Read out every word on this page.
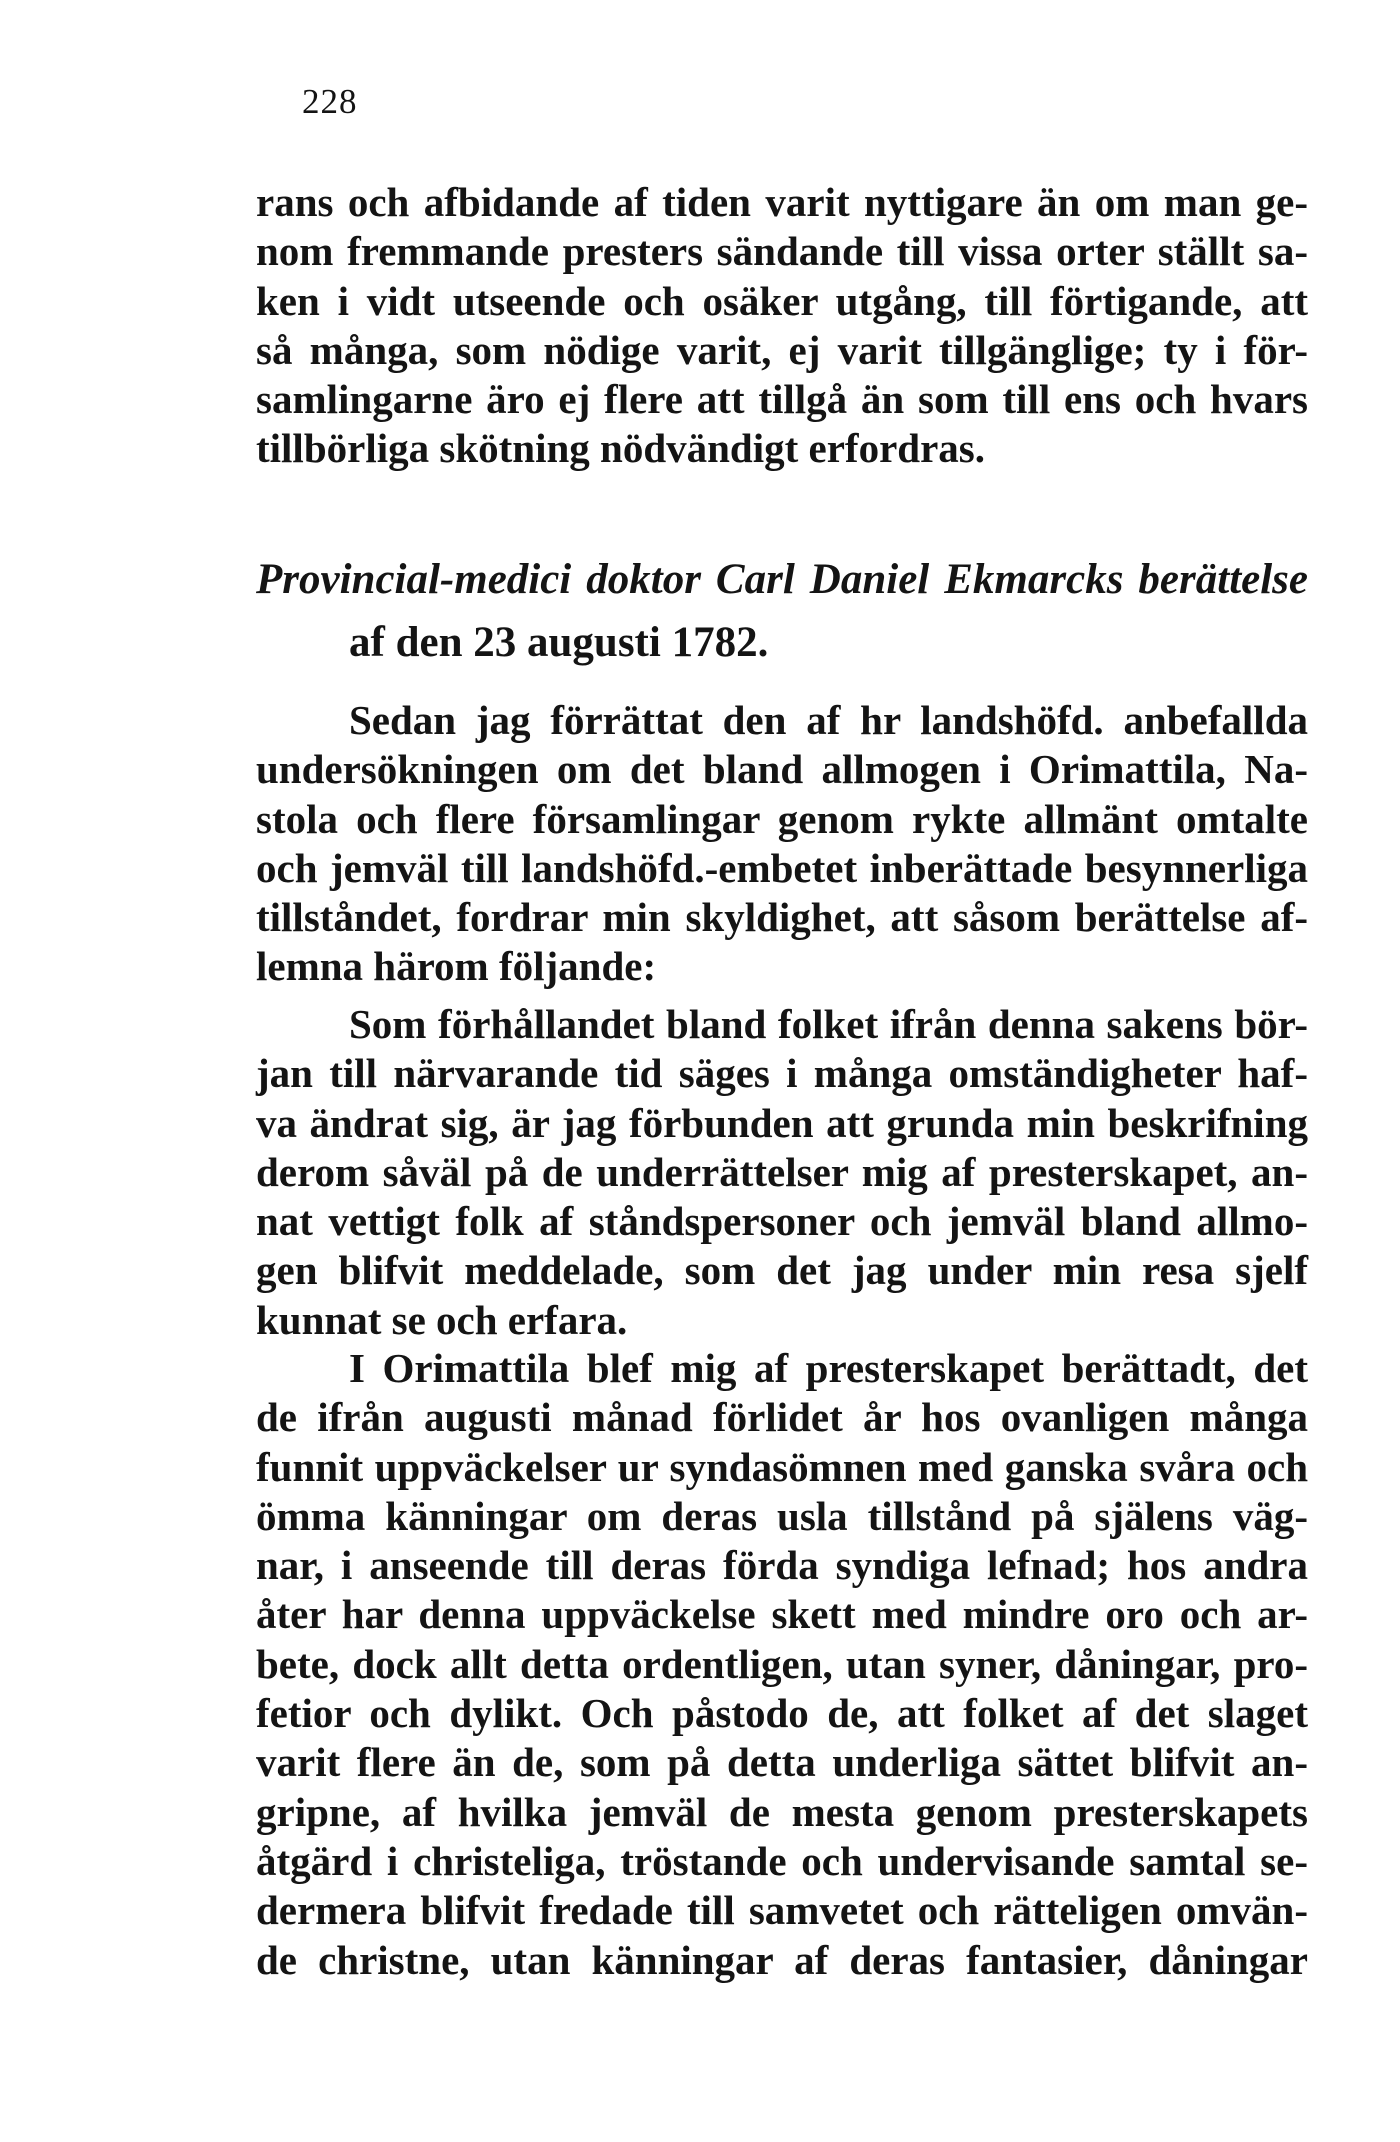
228
rans och afbidande af tiden varit nyttigare än om man ge-
nom fremmande presters sändande till vissa orter ställt sa-
ken i vidt utseende och osäker utgång, till förtigande, att
så många, som nödige varit, ej varit tillgänglige; ty i för-
samlingarne äro ej flere att tillgå än som till ens och hvars
tillbörliga skötning nödvändigt erfordras.
Provincial-medici doktor Carl Daniel Ekmarcks berättelse
af den 23 augusti 1782.
Sedan jag förrättat den af hr landshöfd. anbefallda
undersökningen om det bland allmogen i Orimattila, Na-
stola och flere församlingar genom rykte allmänt omtalte
och jemväl till landshöfd.-embetet inberättade besynnerliga
tillståndet, fordrar min skyldighet, att såsom berättelse af-
lemna härom följande:
Som förhållandet bland folket ifrån denna sakens bör-
jan till närvarande tid säges i många omständigheter haf-
va ändrat sig, är jag förbunden att grunda min beskrifning
derom såväl på de underrättelser mig af presterskapet, an-
nat vettigt folk af ståndspersoner och jemväl bland allmo-
gen blifvit meddelade, som det jag under min resa sjelf
kunnat se och erfara.
I Orimattila blef mig af presterskapet berättadt, det
de ifrån augusti månad förlidet år hos ovanligen många
funnit uppväckelser ur syndasömnen med ganska svåra och
ömma känningar om deras usla tillstånd på själens väg-
nar, i anseende till deras förda syndiga lefnad; hos andra
åter har denna uppväckelse skett med mindre oro och ar-
bete, dock allt detta ordentligen, utan syner, dåningar, pro-
fetior och dylikt. Och påstodo de, att folket af det slaget
varit flere än de, som på detta underliga sättet blifvit an-
gripne, af hvilka jemväl de mesta genom presterskapets
åtgärd i christeliga, tröstande och undervisande samtal se-
dermera blifvit fredade till samvetet och rätteligen omvän-
de christne, utan känningar af deras fantasier, dåningar
